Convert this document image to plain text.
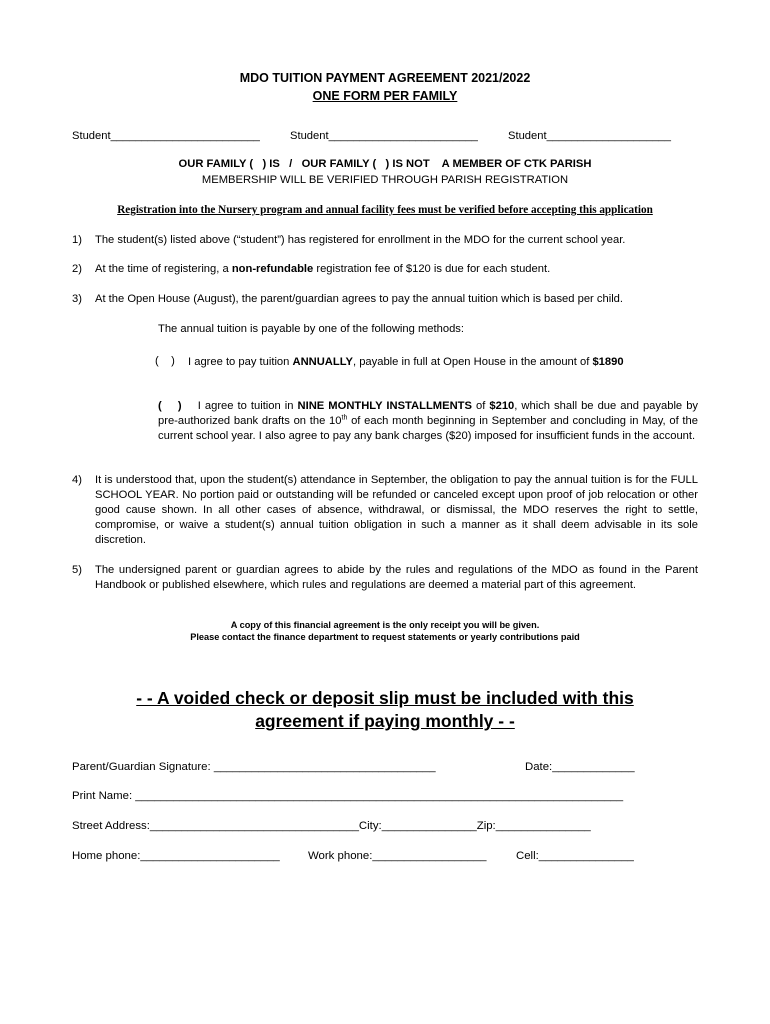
MDO TUITION PAYMENT AGREEMENT 2021/2022
ONE FORM PER FAMILY
Student________________________	Student________________________	Student____________________
OUR FAMILY (   ) IS   /   OUR FAMILY (   ) IS NOT    A MEMBER OF CTK PARISH
MEMBERSHIP WILL BE VERIFIED THROUGH PARISH REGISTRATION
Registration into the Nursery program and annual facility fees must be verified before accepting this application
1)	The student(s) listed above (“student”) has registered for enrollment in the MDO for the current school year.
2)	At the time of registering, a non-refundable registration fee of $120 is due for each student.
3)	At the Open House (August), the parent/guardian agrees to pay the annual tuition which is based per child.
The annual tuition is payable by one of the following methods:
(    ) I agree to pay tuition ANNUALLY, payable in full at Open House in the amount of $1890
(    ) I agree to tuition in NINE MONTHLY INSTALLMENTS of $210, which shall be due and payable by pre-authorized bank drafts on the 10th of each month beginning in September and concluding in May, of the current school year. I also agree to pay any bank charges ($20) imposed for insufficient funds in the account.
4)	It is understood that, upon the student(s) attendance in September, the obligation to pay the annual tuition is for the FULL SCHOOL YEAR. No portion paid or outstanding will be refunded or canceled except upon proof of job relocation or other good cause shown. In all other cases of absence, withdrawal, or dismissal, the MDO reserves the right to settle, compromise, or waive a student(s) annual tuition obligation in such a manner as it shall deem advisable in its sole discretion.
5)	The undersigned parent or guardian agrees to abide by the rules and regulations of the MDO as found in the Parent Handbook or published elsewhere, which rules and regulations are deemed a material part of this agreement.
A copy of this financial agreement is the only receipt you will be given.
Please contact the finance department to request statements or yearly contributions paid
- - A voided check or deposit slip must be included with this
agreement if paying monthly - -
Parent/Guardian Signature: ___________________________________	Date:_____________
Print Name: _____________________________________________________________________________
Street Address:_________________________________City:_______________Zip:_______________
Home phone:______________________ Work phone:__________________	Cell:_______________
